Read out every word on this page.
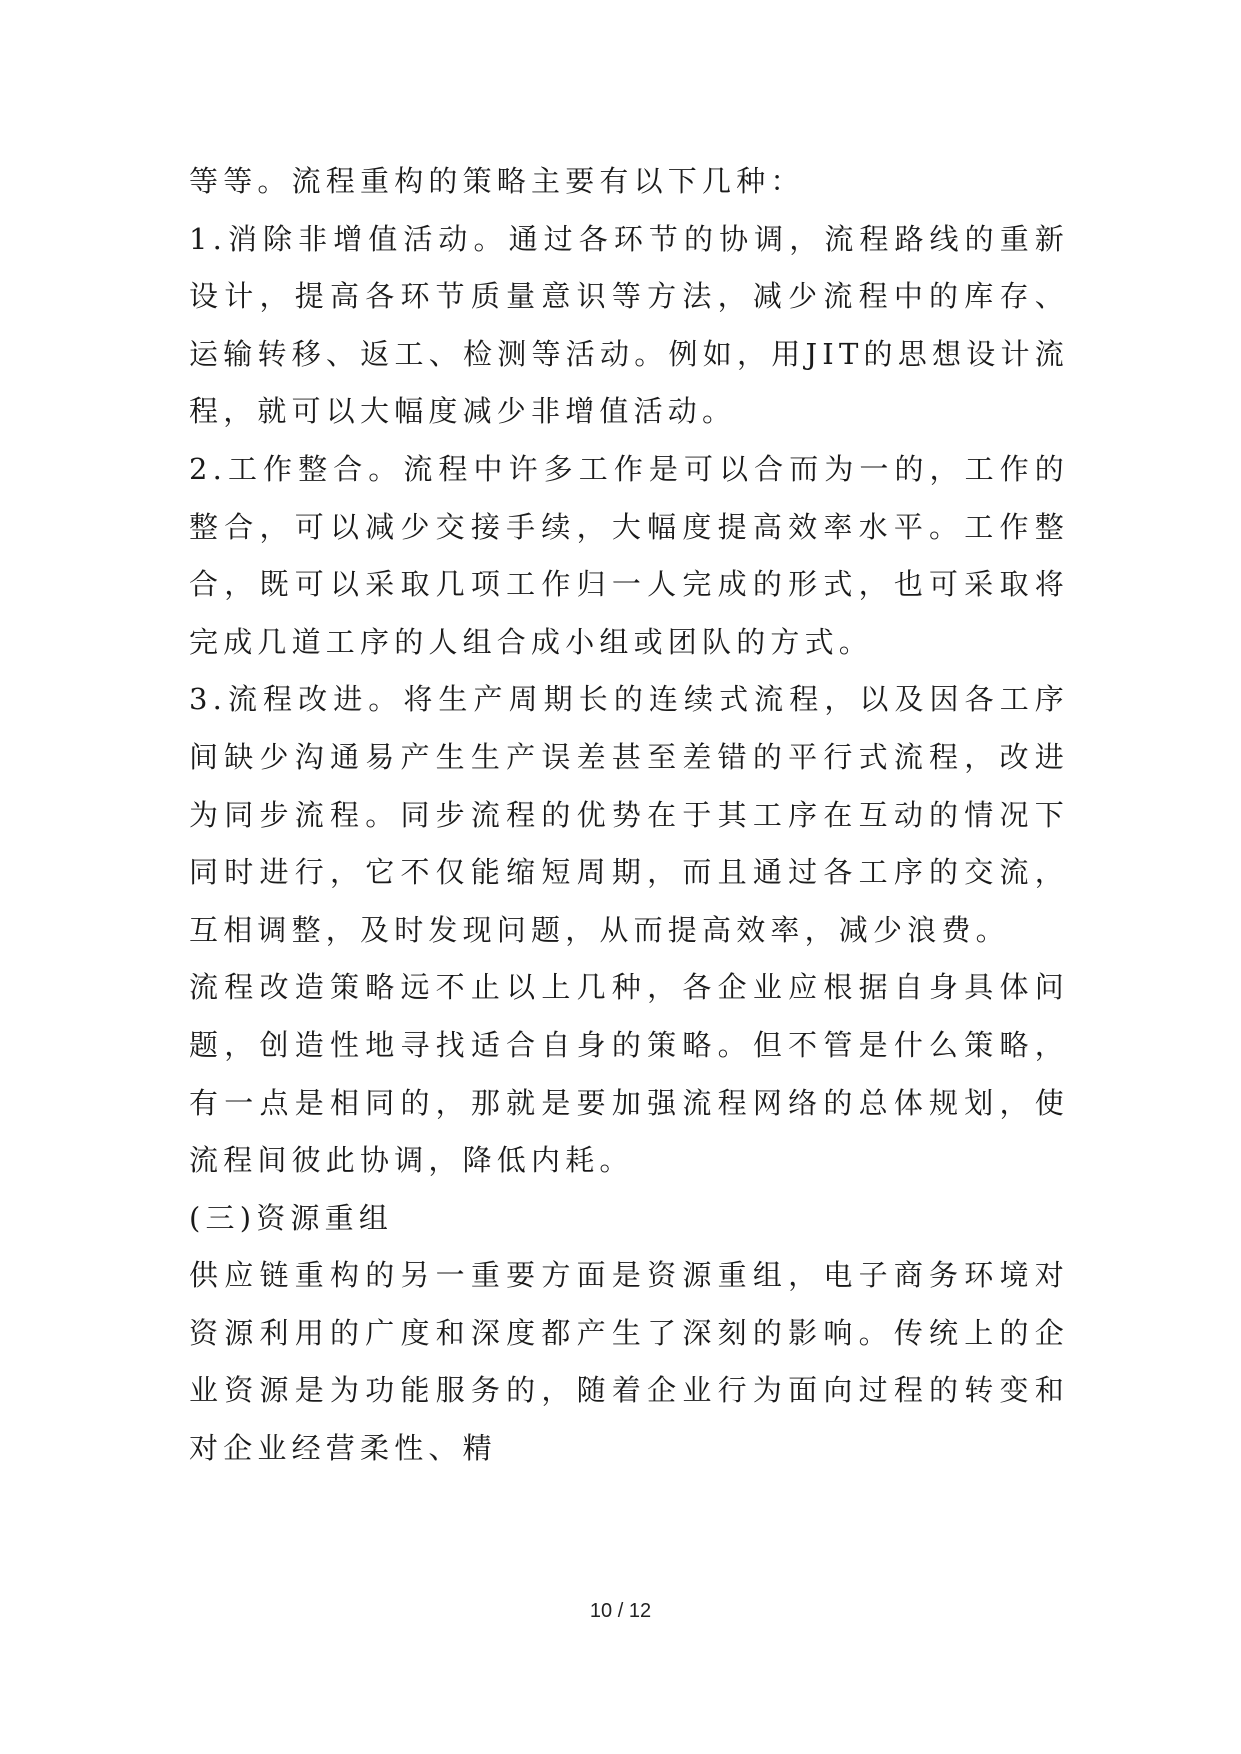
等等。流程重构的策略主要有以下几种：

1.消除非增值活动。通过各环节的协调，流程路线的重新设计，提高各环节质量意识等方法，减少流程中的库存、运输转移、返工、检测等活动。例如，用JIT的思想设计流程，就可以大幅度减少非增值活动。

2.工作整合。流程中许多工作是可以合而为一的，工作的整合，可以减少交接手续，大幅度提高效率水平。工作整合，既可以采取几项工作归一人完成的形式，也可采取将完成几道工序的人组合成小组或团队的方式。

3.流程改进。将生产周期长的连续式流程，以及因各工序间缺少沟通易产生生产误差甚至差错的平行式流程，改进为同步流程。同步流程的优势在于其工序在互动的情况下同时进行，它不仅能缩短周期，而且通过各工序的交流，互相调整，及时发现问题，从而提高效率，减少浪费。

流程改造策略远不止以上几种，各企业应根据自身具体问题，创造性地寻找适合自身的策略。但不管是什么策略，有一点是相同的，那就是要加强流程网络的总体规划，使流程间彼此协调，降低内耗。

(三)资源重组

供应链重构的另一重要方面是资源重组，电子商务环境对资源利用的广度和深度都产生了深刻的影响。传统上的企业资源是为功能服务的，随着企业行为面向过程的转变和对企业经营柔性、精

10 / 12
